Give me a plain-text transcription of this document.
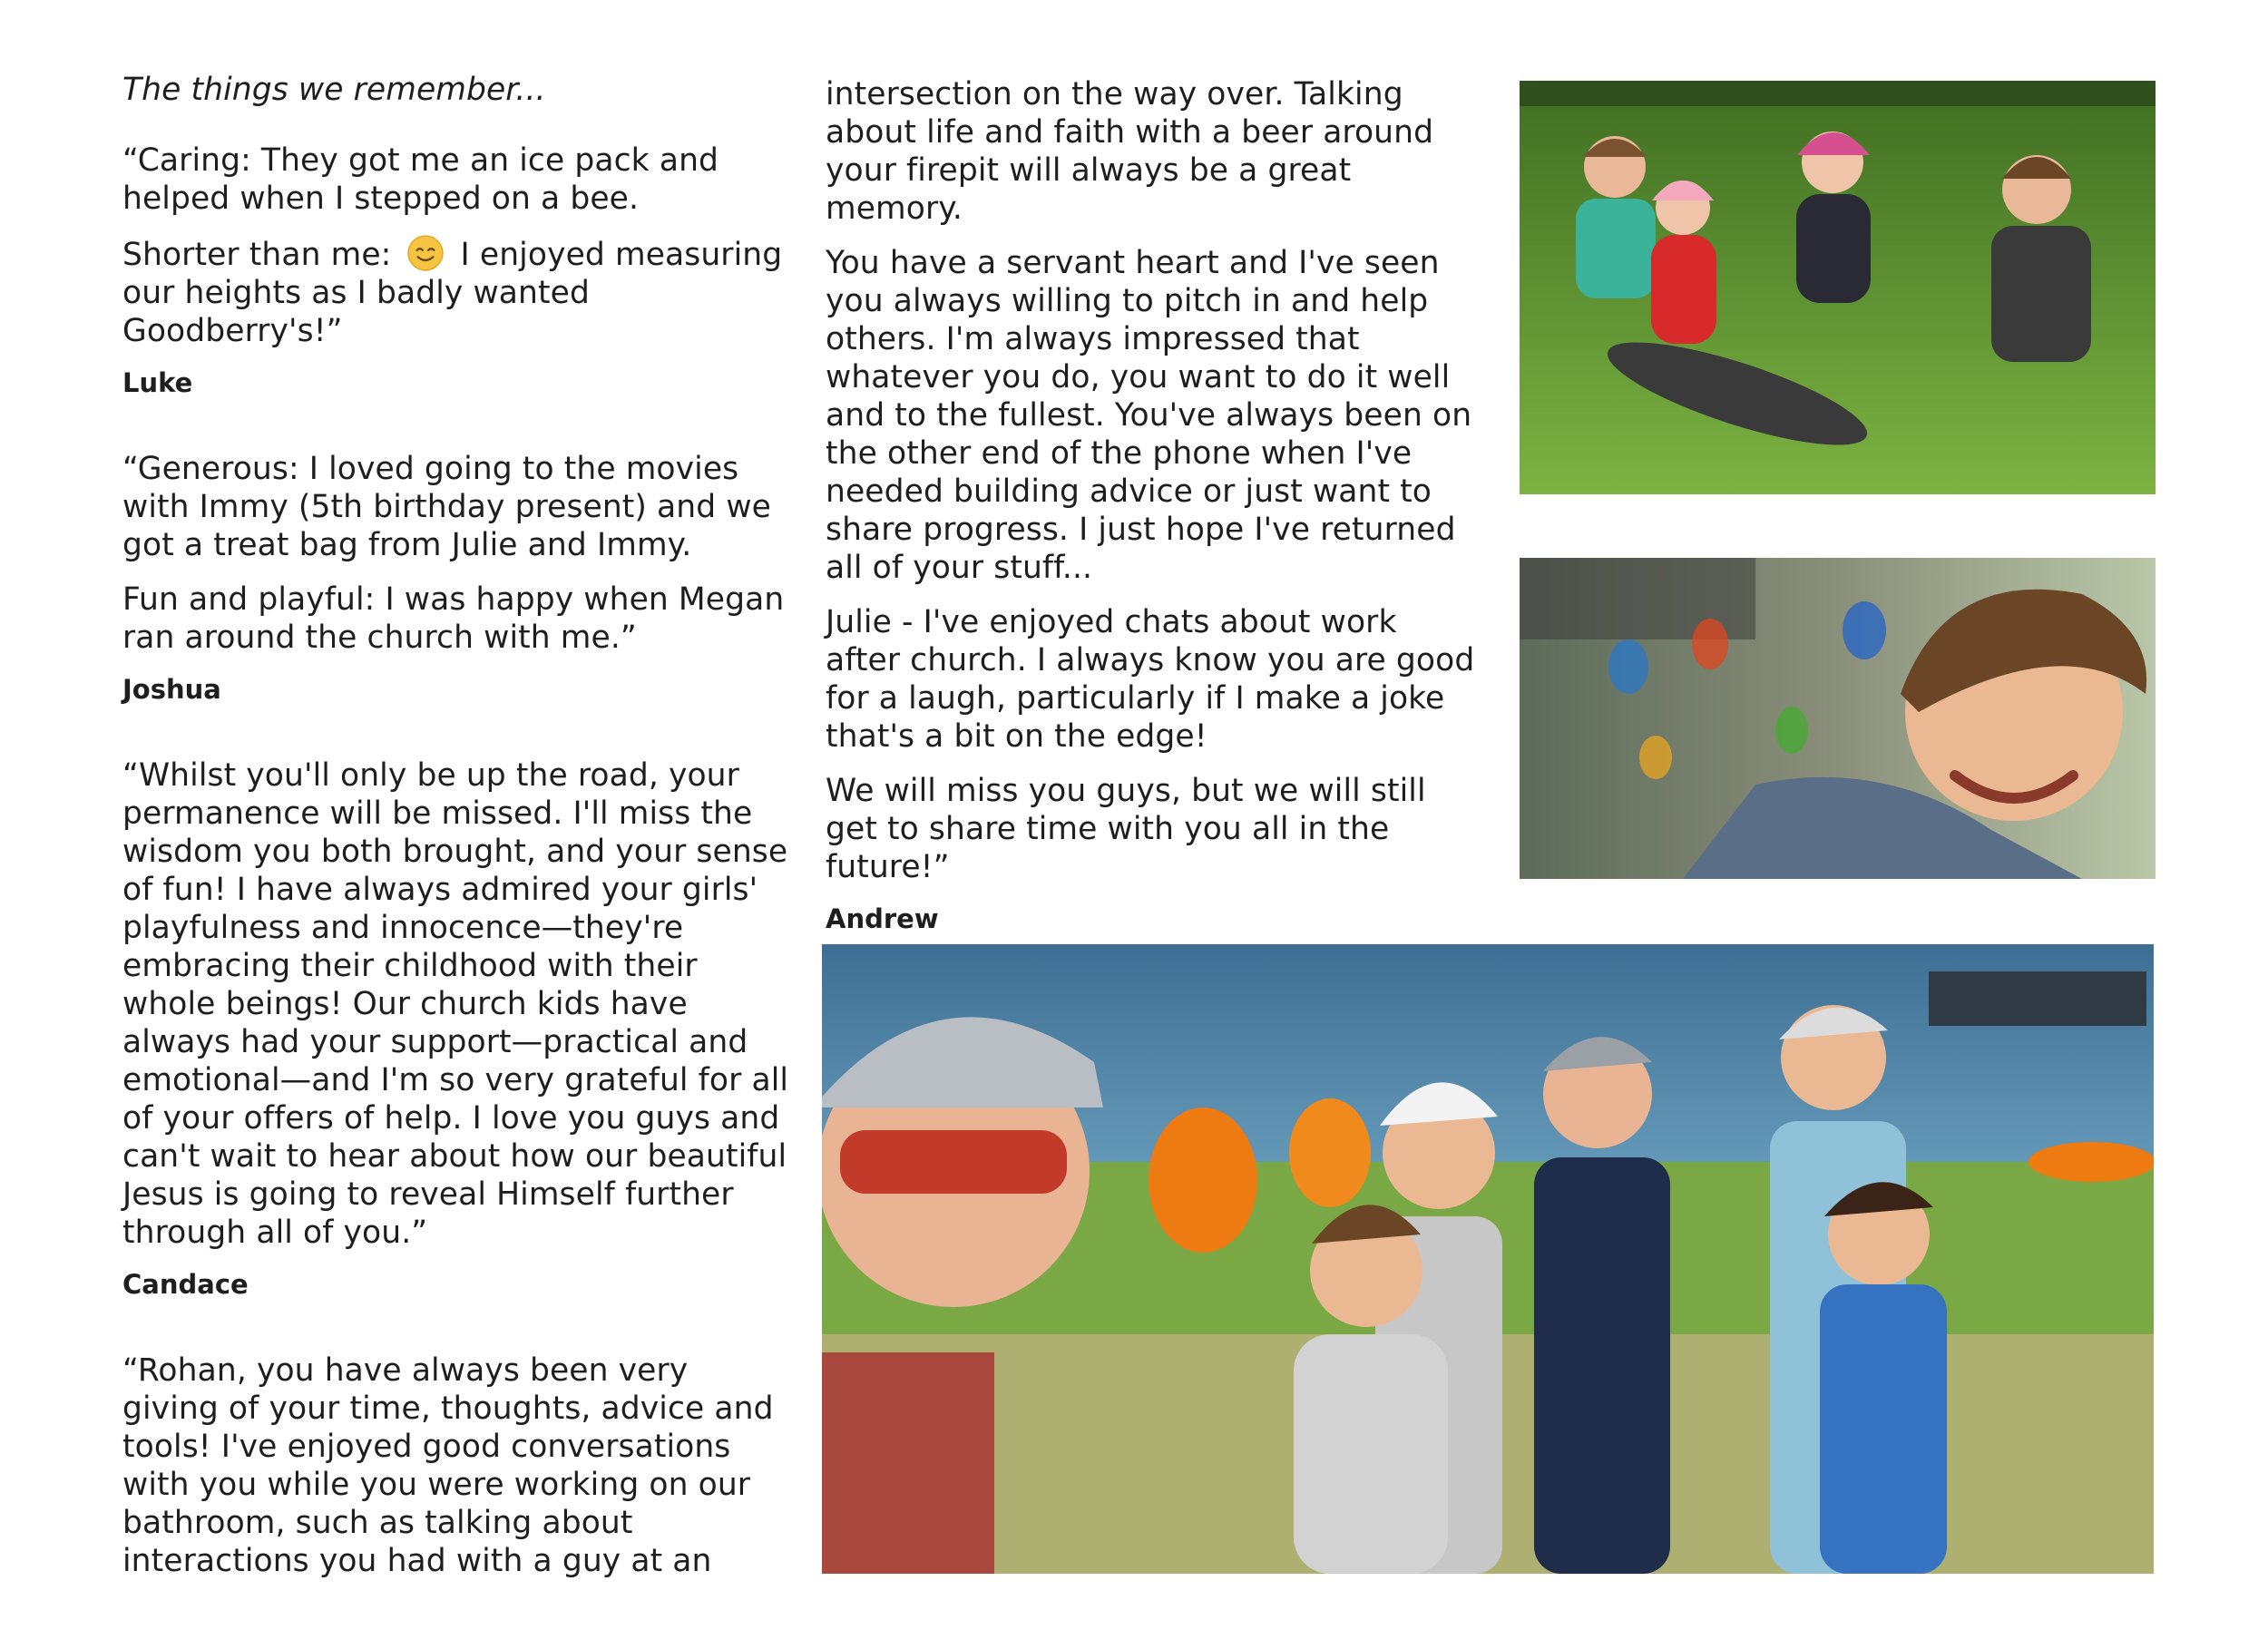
The things we remember...

“Caring: They got me an ice pack and helped when I stepped on a bee.

Shorter than me: I enjoyed measuring our heights as I badly wanted Goodberry's!”

Luke

“Generous: I loved going to the movies with Immy (5th birthday present) and we got a treat bag from Julie and Immy.

Fun and playful: I was happy when Megan ran around the church with me.”

Joshua

“Whilst you'll only be up the road, your permanence will be missed. I'll miss the wisdom you both brought, and your sense of fun! I have always admired your girls' playfulness and innocence—they're embracing their childhood with their whole beings! Our church kids have always had your support—practical and emotional—and I'm so very grateful for all of your offers of help. I love you guys and can't wait to hear about how our beautiful Jesus is going to reveal Himself further through all of you.”

Candace

“Rohan, you have always been very giving of your time, thoughts, advice and tools! I've enjoyed good conversations with you while you were working on our bathroom, such as talking about interactions you had with a guy at an

intersection on the way over. Talking about life and faith with a beer around your firepit will always be a great memory.

You have a servant heart and I've seen you always willing to pitch in and help others. I'm always impressed that whatever you do, you want to do it well and to the fullest. You've always been on the other end of the phone when I've needed building advice or just want to share progress. I just hope I've returned all of your stuff...

Julie - I've enjoyed chats about work after church. I always know you are good for a laugh, particularly if I make a joke that's a bit on the edge!

We will miss you guys, but we will still get to share time with you all in the future!”

Andrew
